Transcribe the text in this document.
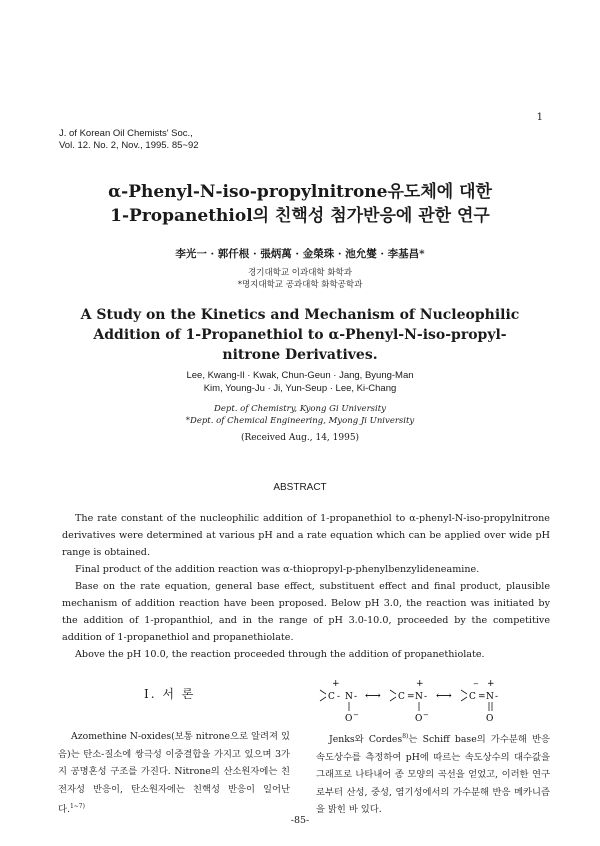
1
J. of Korean Oil Chemists' Soc.,
Vol. 12. No. 2, Nov., 1995. 85~92
α-Phenyl-N-iso-propylnitrone유도체에 대한
1-Propanethiol의 친핵성 첨가반응에 관한 연구
李光一 · 郭仟根 · 張炳萬 · 金榮珠 · 池允燮 · 李基昌*
경기대학교 이과대학 화학과
*명지대학교 공과대학 화학공학과
A Study on the Kinetics and Mechanism of Nucleophilic
Addition of 1-Propanethiol to α-Phenyl-N-iso-propyl-
nitrone Derivatives.
Lee, Kwang-Il · Kwak, Chun-Geun · Jang, Byung-Man
Kim, Young-Ju · Ji, Yun-Seup · Lee, Ki-Chang
Dept. of Chemistry, Kyong Gi University
*Dept. of Chemical Engineering, Myong Ji University
(Received Aug., 14, 1995)
ABSTRACT

The rate constant of the nucleophilic addition of 1-propanethiol to α-phenyl-N-iso-propylnitrone derivatives were determined at various pH and a rate equation which can be applied over wide pH range is obtained.

Final product of the addition reaction was α-thiopropyl-p-phenylbenzylideneamine.

Base on the rate equation, general base effect, substituent effect and final product, plausible mechanism of addition reaction have been proposed. Below pH 3.0, the reaction was initiated by the addition of 1-propanthiol, and in the range of pH 3.0-10.0, proceeded by the competitive addition of 1-propanethiol and propanethiolate.

Above the pH 10.0, the reaction proceeded through the addition of propanethiolate.

I. 서 론
+
C - N -
O −
⟷ C =
+
N -
O −
⟷
−
C =
+
N -
O
Azomethine N-oxides(보통 nitrone으로 알려져 있음)는 탄소-질소에 쌍극성 이중결합을 가지고 있으며 3가지 공명혼성 구조를 가진다. Nitrone의 산소원자에는 친전자성 반응이, 탄소원자에는 친핵성 반응이 일어난다.$^{1\sim 7)}$
Jenks와 Cordes$^{8)}$는 Schiff base의 가수분해 반응 속도상수를 측정하여 pH에 따르는 속도상수의 대수값을 그래프로 나타내어 종 모양의 곡선을 얻었고, 이러한 연구로부터 산성, 중성, 염기성에서의 가수분해 반응 메카니즘을 밝힌 바 있다.
-85-
